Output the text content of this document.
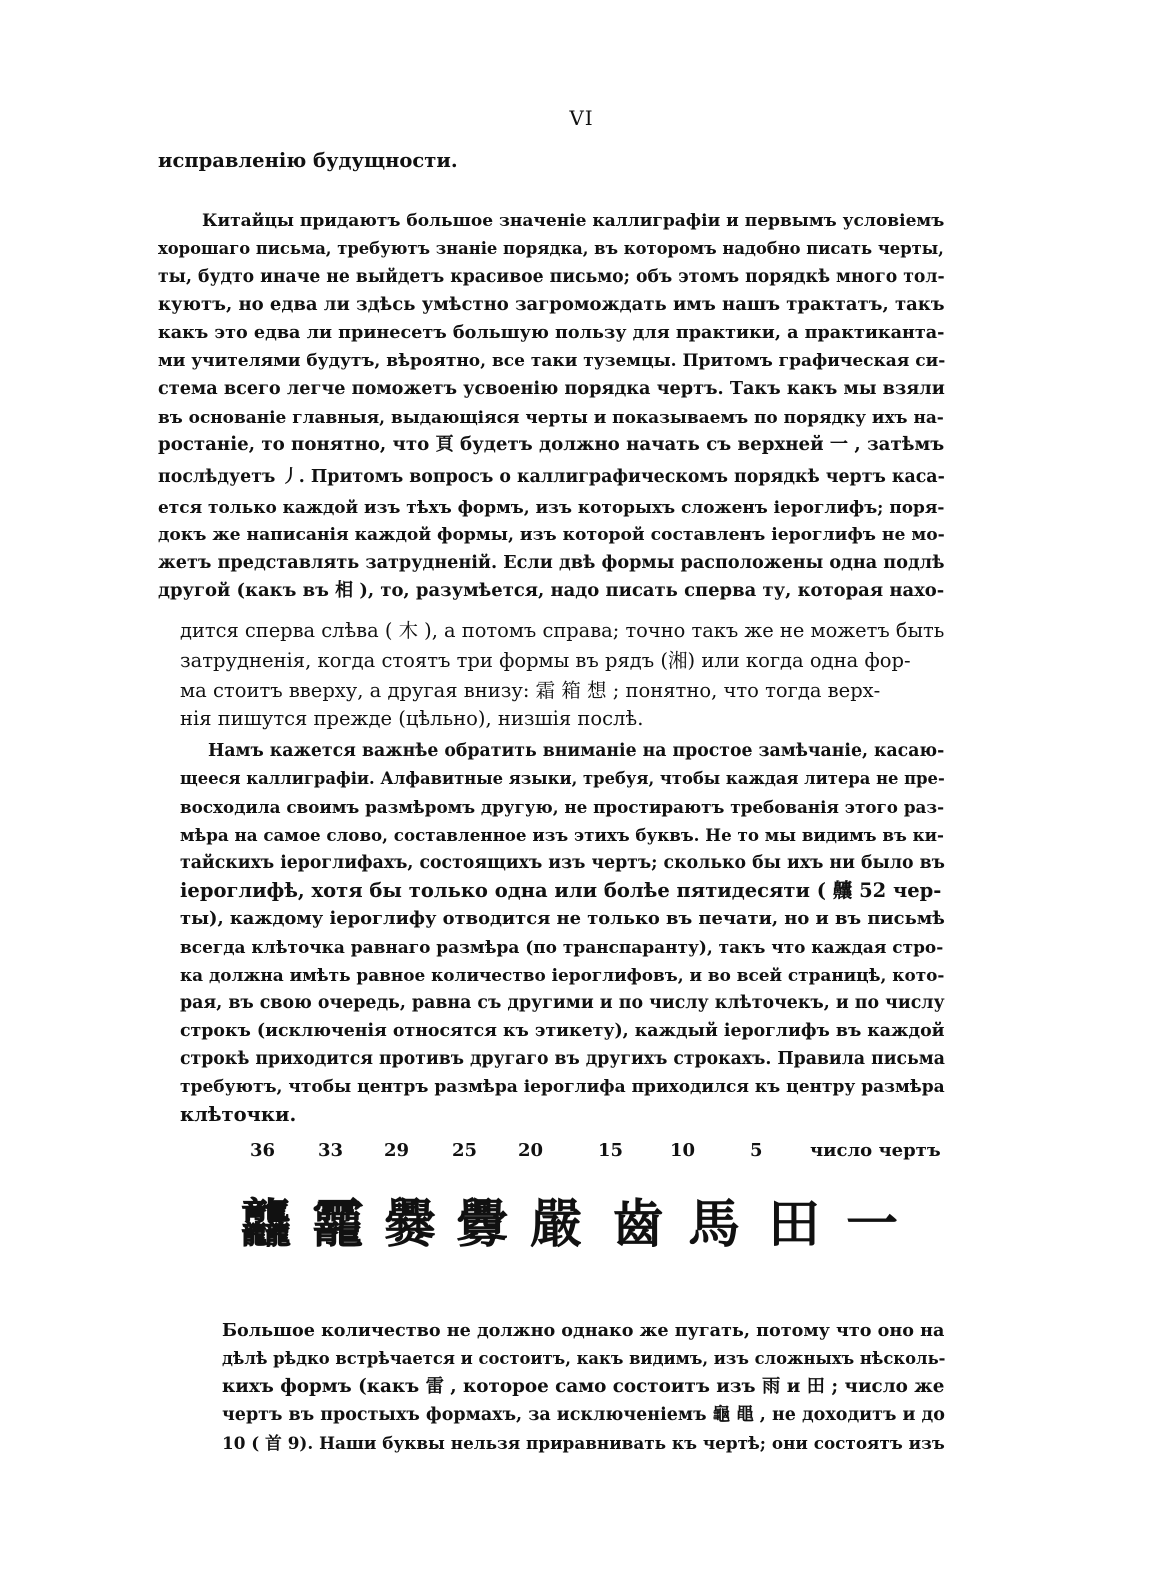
VI
исправленію будущности.
Китайцы придаютъ большое значеніе каллиграфіи и первымъ условіемъ
хорошаго письма, требуютъ знаніе порядка, въ которомъ надобно писать черты,
ты, будто иначе не выйдетъ красивое письмо; объ этомъ порядкѣ много тол-
куютъ, но едва ли здѣсь умѣстно загромождать имъ нашъ трактатъ, такъ
какъ это едва ли принесетъ большую пользу для практики, а практиканта-
ми учителями будутъ, вѣроятно, все таки туземцы. Притомъ графическая си-
стема всего легче поможетъ усвоенію порядка чертъ. Такъ какъ мы взяли
въ основаніе главныя, выдающіяся черты и показываемъ по порядку ихъ на-
ростаніе, то понятно, что 頁 будетъ должно начать съ верхней 一 , затѣмъ
послѣдуетъ 丿. Притомъ вопросъ о каллиграфическомъ порядкѣ чертъ каса-
ется только каждой изъ тѣхъ формъ, изъ которыхъ сложенъ іероглифъ; поря-
докъ же написанія каждой формы, изъ которой составленъ іероглифъ не мо-
жетъ представлять затрудненій. Если двѣ формы расположены одна подлѣ
другой (какъ въ 相 ), то, разумѣется, надо писать сперва ту, которая нахо-
дится сперва слѣва ( 木 ), а потомъ справа; точно такъ же не можетъ быть
затрудненія, когда стоятъ три формы въ рядъ (湘) или когда одна фор-
ма стоитъ вверху, а другая внизу: 霜 箱 想 ; понятно, что тогда верх-
нія пишутся прежде (цѣльно), низшія послѣ.
Намъ кажется важнѣе обратить вниманіе на простое замѣчаніе, касаю-
щееся каллиграфіи. Алфавитные языки, требуя, чтобы каждая литера не пре-
восходила своимъ размѣромъ другую, не простираютъ требованія этого раз-
мѣра на самое слово, составленное изъ этихъ буквъ. Не то мы видимъ въ ки-
тайскихъ іероглифахъ, состоящихъ изъ чертъ; сколько бы ихъ ни было въ
іероглифѣ, хотя бы только одна или болѣе пятидесяти ( 齉 52 чер-
ты), каждому іероглифу отводится не только въ печати, но и въ письмѣ
всегда клѣточка равнаго размѣра (по транспаранту), такъ что каждая стро-
ка должна имѣть равное количество іероглифовъ, и во всей страницѣ, кото-
рая, въ свою очередь, равна съ другими и по числу клѣточекъ, и по числу
строкъ (исключенія относятся къ этикету), каждый іероглифъ въ каждой
строкѣ приходится противъ другаго въ другихъ строкахъ. Правила письма
требуютъ, чтобы центръ размѣра іероглифа приходился къ центру размѣра
клѣточки.
Большое количество не должно однако же пугать, потому что оно на
дѣлѣ рѣдко встрѣчается и состоитъ, какъ видимъ, изъ сложныхъ нѣсколь-
кихъ формъ (какъ 雷 , которое само состоитъ изъ 雨 и 田 ; число же
чертъ въ простыхъ формахъ, за исключеніемъ 龜 黽 , не доходитъ и до
10 ( 首 9). Наши буквы нельзя приравнивать къ чертѣ; они состоятъ изъ
36 33 29 25 20	15	10	5	число чертъ
龘 龗 爨 釁 嚴 齒 馬 田 一
